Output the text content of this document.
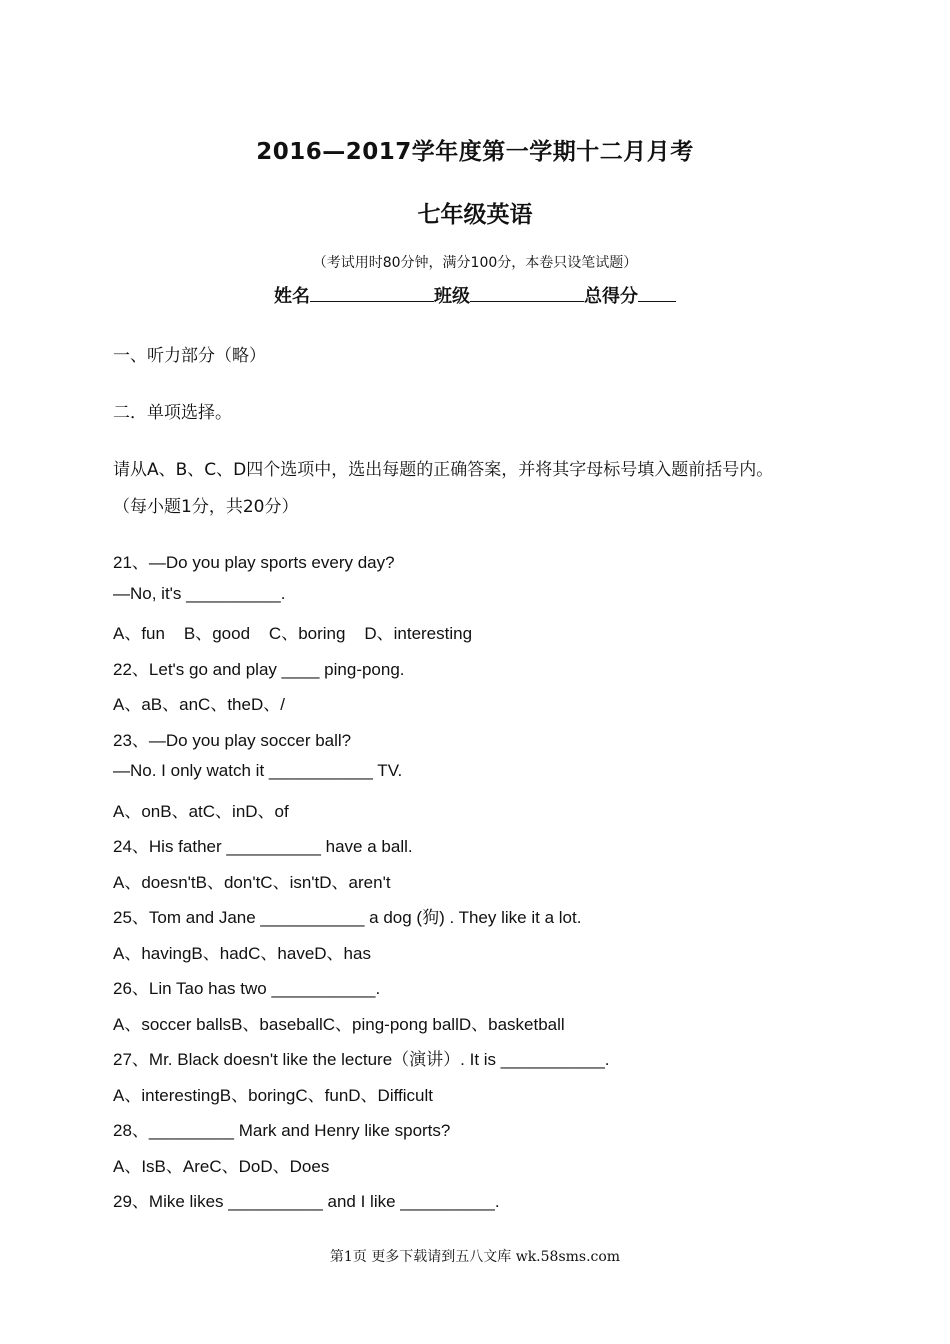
2016—2017学年度第一学期十二月月考
七年级英语
（考试用时80分钟，满分100分，本卷只设笔试题）
姓名	班级	总得分
一、听力部分（略）
二．单项选择。
请从A、B、C、D四个选项中，选出每题的正确答案，并将其字母标号填入题前括号内。
（每小题1分，共20分）
21、—Do you play sports every day?
—No, it's __________.
A、fun    B、good    C、boring    D、interesting
22、Let's go and play ____ ping-pong.
A、aB、anC、theD、/
23、—Do you play soccer ball?
—No. I only watch it ___________ TV.
A、onB、atC、inD、of
24、His father __________ have a ball.
A、doesn'tB、don'tC、isn'tD、aren't
25、Tom and Jane ___________ a dog (狗) . They like it a lot.
A、havingB、hadC、haveD、has
26、Lin Tao has two ___________.
A、soccer ballsB、baseballC、ping-pong ballD、basketball
27、Mr. Black doesn't like the lecture（演讲）. It is ___________.
A、interestingB、boringC、funD、Difficult
28、_________ Mark and Henry like sports?
A、IsB、AreC、DoD、Does
29、Mike likes __________ and I like __________.
第1页 更多下载请到五八文库 wk.58sms.com
